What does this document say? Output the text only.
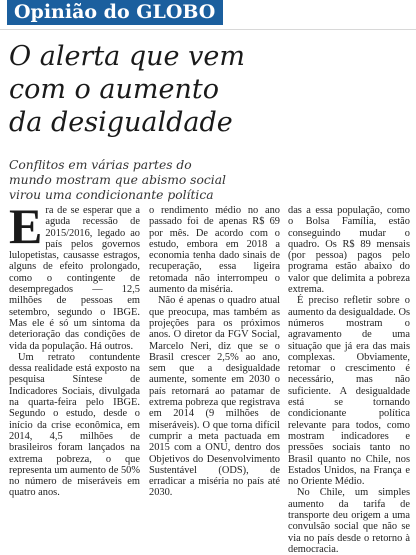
Opinião do GLOBO
O alerta que vem
com o aumento
da desigualdade

Conflitos em várias partes do
mundo mostram que abismo social
virou uma condicionante política

E ra de se esperar que a aguda recessão de 2015/2016, legado ao país pelos governos lulopetistas, causasse estragos, alguns de efeito prolongado, como o contingente de desempregados — 12,5 milhões de pessoas em setembro, segundo o IBGE. Mas ele é só um sintoma da deterioração das condições de vida da população. Há outros.

Um retrato contundente dessa realidade está exposto na pesquisa Síntese de Indicadores Sociais, divulgada na quarta-feira pelo IBGE. Segundo o estudo, desde o início da crise econômica, em 2014, 4,5 milhões de brasileiros foram lançados na extrema pobreza, o que representa um aumento de 50% no número de miseráveis em quatro anos.

o rendimento médio no ano passado foi de apenas R$ 69 por mês. De acordo com o estudo, embora em 2018 a economia tenha dado sinais de recuperação, essa ligeira retomada não interrompeu o aumento da miséria.

Não é apenas o quadro atual que preocupa, mas também as projeções para os próximos anos. O diretor da FGV Social, Marcelo Neri, diz que se o Brasil crescer 2,5% ao ano, sem que a desigualdade aumente, somente em 2030 o país retornará ao patamar de extrema pobreza que registrava em 2014 (9 milhões de miseráveis). O que torna difícil cumprir a meta pactuada em 2015 com a ONU, dentro dos Objetivos do Desenvolvimento Sustentável (ODS), de erradicar a miséria no país até 2030.

das a essa população, como o Bolsa Família, estão conseguindo mudar o quadro. Os R$ 89 mensais (por pessoa) pagos pelo programa estão abaixo do valor que delimita a pobreza extrema.

É preciso refletir sobre o aumento da desigualdade. Os números mostram o agravamento de uma situação que já era das mais complexas. Obviamente, retomar o crescimento é necessário, mas não suficiente. A desigualdade está se tornando condicionante política relevante para todos, como mostram indicadores e pressões sociais tanto no Brasil quanto no Chile, nos Estados Unidos, na França e no Oriente Médio.

No Chile, um simples aumento da tarifa de transporte deu origem a uma convulsão social que não se via no país desde o retorno à democracia.
